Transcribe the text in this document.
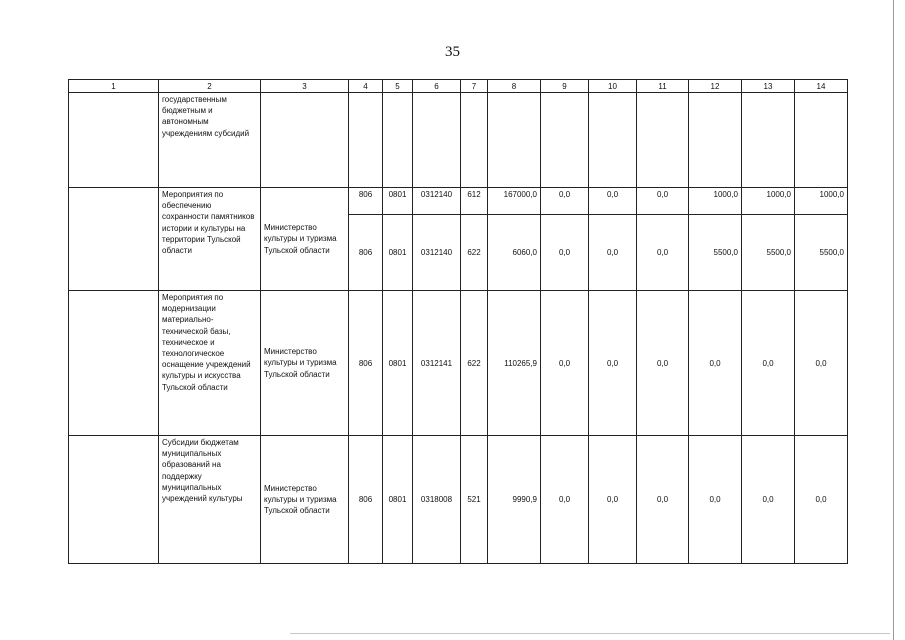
35
1	2	3	4	5	6	7	8	9	10	11	12	13	14
	государственным бюджетным и автономным учреждениям субсидий												
	Мероприятия по обеспечению сохранности памятников истории и культуры на территории Тульской области	Министерство культуры и туризма Тульской области	806	0801	0312140	612	167000,0	0,0	0,0	0,0	1000,0	1000,0	1000,0
			806	0801	0312140	622	6060,0	0,0	0,0	0,0	5500,0	5500,0	5500,0
	Мероприятия по модернизации материально-технической базы, техническое и технологическое оснащение учреждений культуры и искусства Тульской области	Министерство культуры и туризма Тульской области	806	0801	0312141	622	110265,9	0,0	0,0	0,0	0,0	0,0	0,0
	Субсидии бюджетам муниципальных образований на поддержку муниципальных учреждений культуры	Министерство культуры и туризма Тульской области	806	0801	0318008	521	9990,9	0,0	0,0	0,0	0,0	0,0	0,0
